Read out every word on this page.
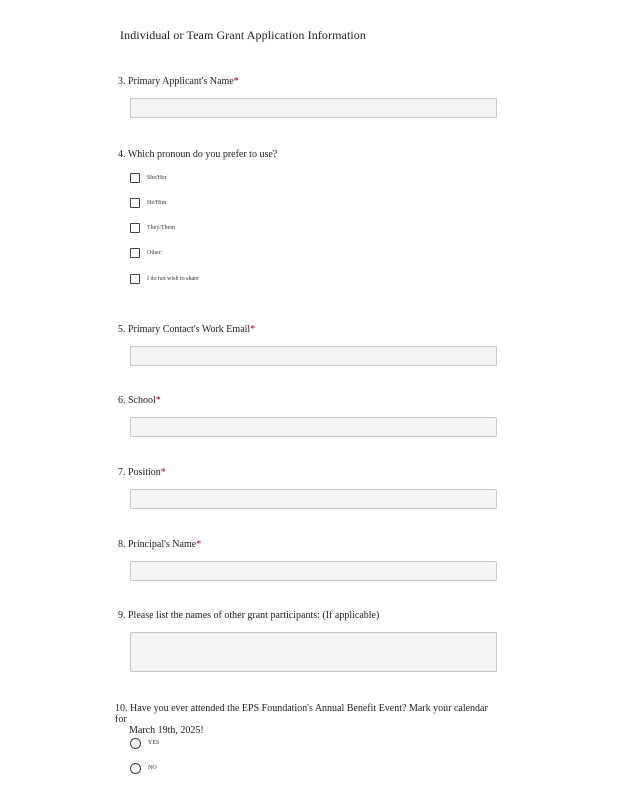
Individual or Team Grant Application Information
3. Primary Applicant's Name*
4. Which pronoun do you prefer to use?
She/Her
He/Him
They/Them
Other:
I do not wish to share
5. Primary Contact's Work Email*
6. School*
7. Position*
8. Principal's Name*
9. Please list the names of other grant participants: (If applicable)
10. Have you ever attended the EPS Foundation's Annual Benefit Event? Mark your calendar for
March 19th, 2025!
YES
NO
